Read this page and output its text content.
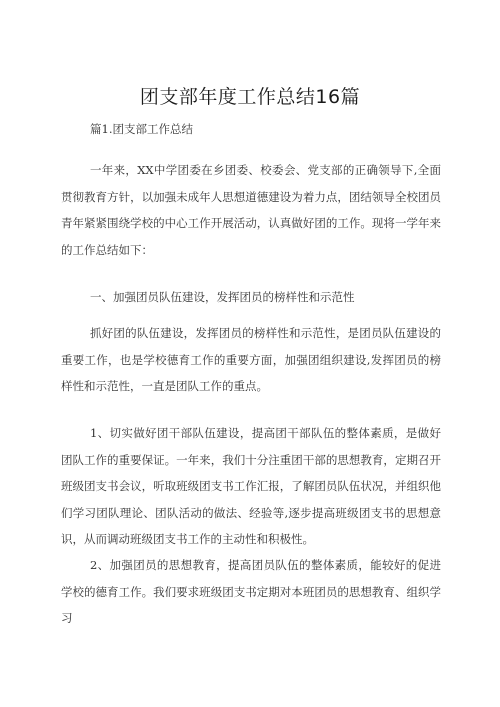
团支部年度工作总结16篇
篇1.团支部工作总结

一年来，XX中学团委在乡团委、校委会、党支部的正确领导下,全面贯彻教育方针，以加强未成年人思想道德建设为着力点，团结领导全校团员青年紧紧围绕学校的中心工作开展活动，认真做好团的工作。现将一学年来的工作总结如下：

一、加强团员队伍建设，发挥团员的榜样性和示范性

抓好团的队伍建设，发挥团员的榜样性和示范性，是团员队伍建设的重要工作，也是学校德育工作的重要方面，加强团组织建设,发挥团员的榜样性和示范性，一直是团队工作的重点。

1、切实做好团干部队伍建设，提高团干部队伍的整体素质，是做好团队工作的重要保证。一年来，我们十分注重团干部的思想教育，定期召开班级团支书会议，听取班级团支书工作汇报，了解团员队伍状况，并组织他们学习团队理论、团队活动的做法、经验等,逐步提高班级团支书的思想意识，从而调动班级团支书工作的主动性和积极性。

2、加强团员的思想教育，提高团员队伍的整体素质，能较好的促进学校的德育工作。我们要求班级团支书定期对本班团员的思想教育、组织学习
